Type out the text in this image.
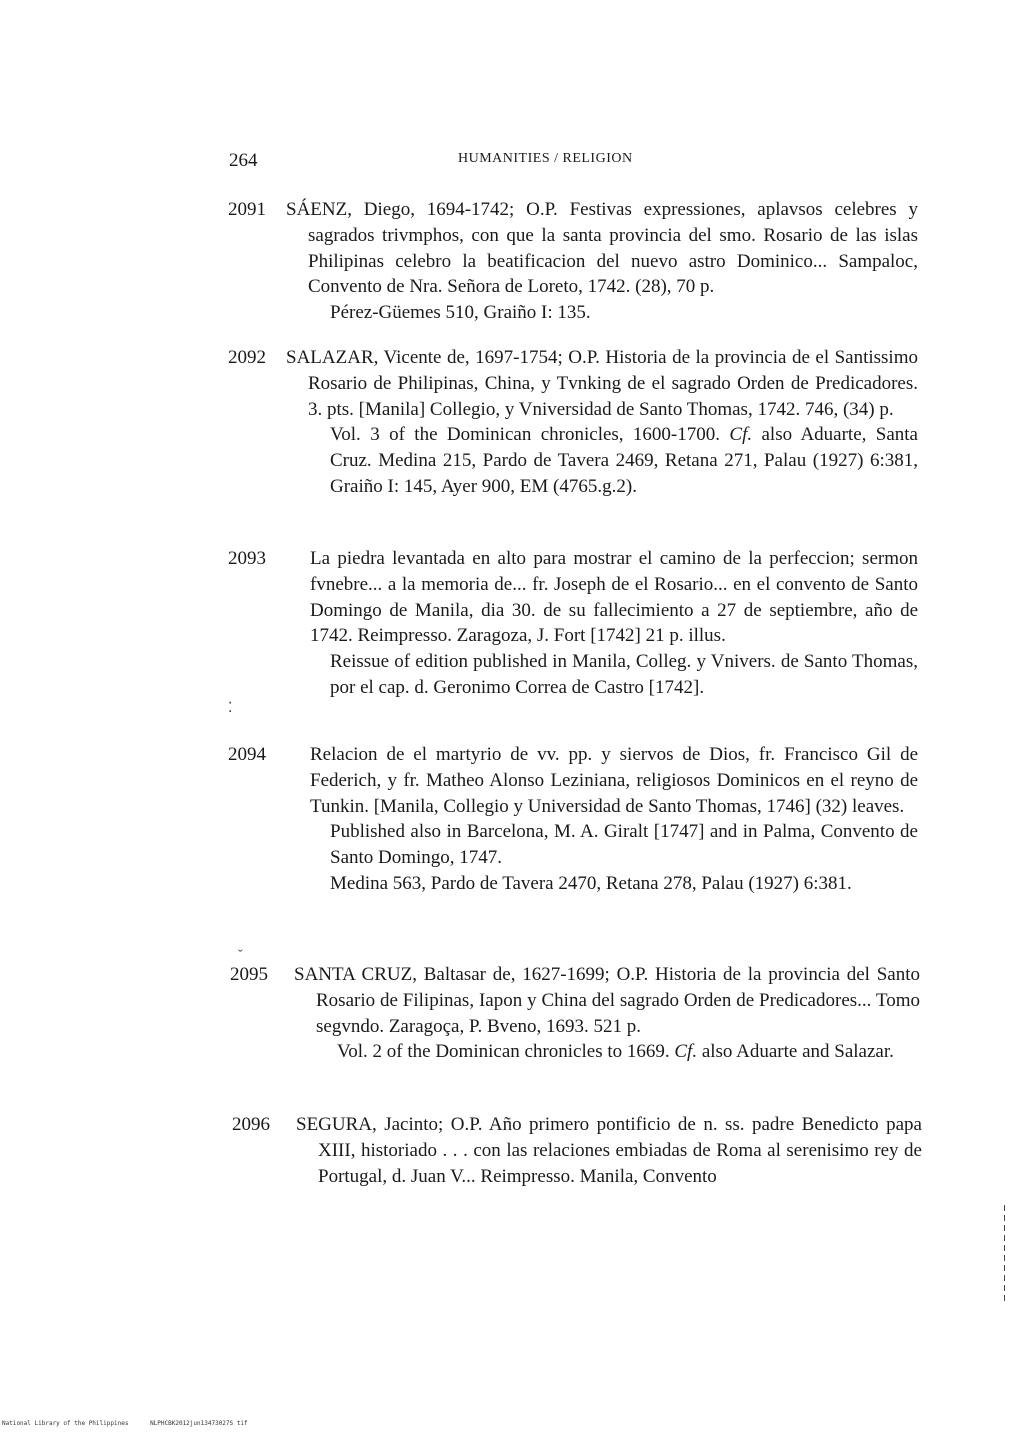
264	HUMANITIES / RELIGION
2091 SÁENZ, Diego, 1694-1742; O.P. Festivas expressiones, aplavsos celebres y sagrados trivmphos, con que la santa provincia del smo. Rosario de las islas Philipinas celebro la beatificacion del nuevo astro Dominico... Sampaloc, Convento de Nra. Señora de Loreto, 1742. (28), 70 p.
Pérez-Güemes 510, Graiño I: 135.
2092 SALAZAR, Vicente de, 1697-1754; O.P. Historia de la provincia de el Santissimo Rosario de Philipinas, China, y Tvnking de el sagrado Orden de Predicadores. 3. pts. [Manila] Collegio, y Vniversidad de Santo Thomas, 1742. 746, (34) p.
Vol. 3 of the Dominican chronicles, 1600-1700. Cf. also Aduarte, Santa Cruz. Medina 215, Pardo de Tavera 2469, Retana 271, Palau (1927) 6:381, Graiño I: 145, Ayer 900, EM (4765.g.2).
2093 La piedra levantada en alto para mostrar el camino de la perfeccion; sermon fvnebre... a la memoria de... fr. Joseph de el Rosario... en el convento de Santo Domingo de Manila, dia 30. de su fallecimiento a 27 de septiembre, año de 1742. Reimpresso. Zaragoza, J. Fort [1742] 21 p. illus.
Reissue of edition published in Manila, Colleg. y Vnivers. de Santo Thomas, por el cap. d. Geronimo Correa de Castro [1742].
2094 Relacion de el martyrio de vv. pp. y siervos de Dios, fr. Francisco Gil de Federich, y fr. Matheo Alonso Leziniana, religiosos Dominicos en el reyno de Tunkin. [Manila, Collegio y Universidad de Santo Thomas, 1746] (32) leaves.
Published also in Barcelona, M. A. Giralt [1747] and in Palma, Convento de Santo Domingo, 1747.
Medina 563, Pardo de Tavera 2470, Retana 278, Palau (1927) 6:381.
2095 SANTA CRUZ, Baltasar de, 1627-1699; O.P. Historia de la provincia del Santo Rosario de Filipinas, Iapon y China del sagrado Orden de Predicadores... Tomo segvndo. Zaragoça, P. Bveno, 1693. 521 p.
Vol. 2 of the Dominican chronicles to 1669. Cf. also Aduarte and Salazar.
2096 SEGURA, Jacinto; O.P. Año primero pontificio de n. ss. padre Benedicto papa XIII, historiado . . . con las relaciones embiadas de Roma al serenisimo rey de Portugal, d. Juan V... Reimpresso. Manila, Convento
⁚
ˇ
National Library of the Philippines	NLPHCBK2012jun13473027S tif
